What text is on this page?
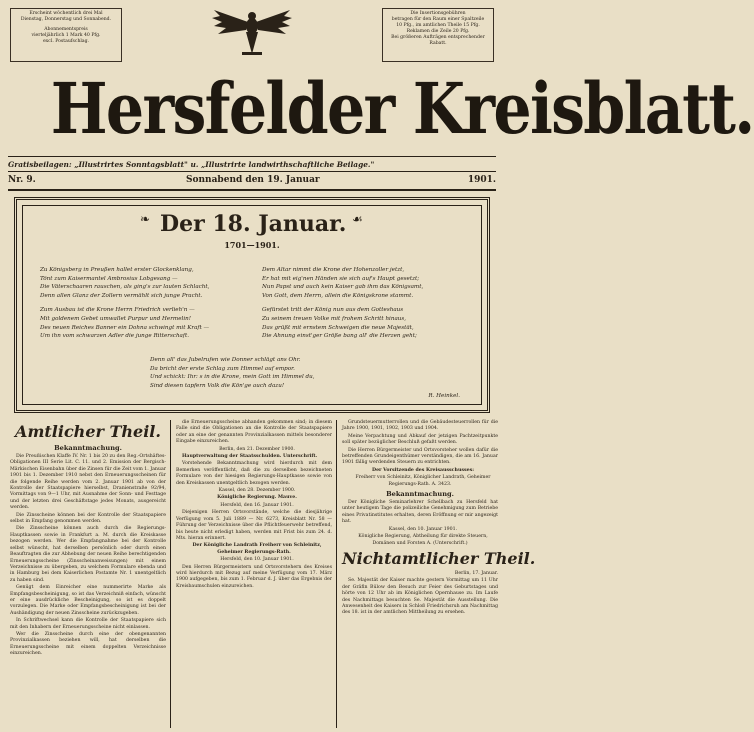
Erscheint wöchentlich drei Mal
Dienstag, Donnerstag und Sonnabend.
Abonnementspreis
vierteljährlich 1 Mark 40 Pfg.
excl. Postaufschlag.
Die Insertionsgebühren
betragen für den Raum einer Spaltzeile
10 Pfg., im amtlichen Theile 15 Pfg.
Reklamen die Zeile 20 Pfg.
Bei größeren Aufträgen entsprechender
Rabatt.
Hersfelder Kreisblatt.
Gratisbeilagen: „Illustrirtes Sonntagsblatt" u. „Illustrirte landwirthschaftliche Beilage."
Nr. 9.	Sonnabend den 19. Januar	1901.
❧	☙
Der 18. Januar.
1701—1901.
Zu Königsberg in Preußen hallet erster Glockenklang,
Tönt zum Kaisermantel Ambrosius Lobgesang —
Die Väterschaaren rauschen, als ging's zur lauten Schlacht,
Denn allen Glanz der Zollern vermählt sich junge Pracht.
Zum Ausbau ist die Krone Herrn Friedrich verlieh'n —
Mit goldenem Gebet umwallet Purpur und Hermelin!
Des neuen Reiches Banner ein Dohna schwingt mit Kraft —
Um ihn vom schwarzen Adler die junge Ritterschaft.
Dem Altar nimmt die Krone der Hohenzoller jetzt,
Er hat mit eig'nen Händen sie sich auf's Haupt gesetzt;
Nun Papst und auch kein Kaiser gab ihm das Königsamt,
Von Gott, dem Herrn, allein die Königskrone stammt.
Gefürstet tritt der König nun aus dem Gotteshaus
Zu seinem treuen Volke mit frohem Schritt hinaus,
Das grüßt mit ernstem Schweigen die neue Majestät,
Die Ahnung einst'ger Größe bang all' die Herzen geht;
Denn all' das Jubelrufen wie Donner schlägt ans Ohr.
Da bricht der erste Schlag zum Himmel auf empor.
Und schickt: Ihr: s in die Krone, mein Gott im Himmel du,
Sind diesen tapfern Volk die Kön'ge auch dazu!
R. Heinkel.
Amtlicher Theil.
Bekanntmachung.

Die Preußischen Klaffe IV. Nr. 1 bis 20 zu den Reg.-Ortshäftes-Obligationen III Serie Lit. C. 11. und 2. Emission der Bergisch-Märkischen Eisenbahn über die Zinsen für die Zeit vom 1. Januar 1901 bis 1. Dezember 1910 nebst den Erneuerungsscheinen für die folgende Reihe werden vom 2. Januar 1901 ab von der Kontrolle der Staatspapiere hierselbst, Dranienstraße 92/94, Vormittags von 9—1 Uhr, mit Ausnahme der Sonn- und Festtage und der letzten drei Geschäftstage jedes Monats, ausgereicht werden.

Die Zinsscheine können bei der Kontrolle der Staatspapiere selbst in Empfang genommen werden.

Die Zinsscheine können auch durch die Regierungs-Hauptkassen sowie in Frankfurt a. M. durch die Kreiskasse bezogen werden. Wer die Empfangnahme bei der Kontrolle selbst wünscht, hat derselben persönlich oder durch einen Beauftragten die zur Abhebung der neuen Reihe berechtigenden Erneuerungsscheine (Zinsscheinanweisungen) mit einem Verzeichnisse zu übergeben, zu welchem Formulare ebenda und in Hamburg bei dem Kaiserlichen Postamte Nr. 1 unentgeltlich zu haben sind.

Genügt dem Einreicher eine nummerirte Marke als Empfangsbescheinigung, so ist das Verzeichniß einfach, wünscht er eine ausdrückliche Bescheinigung, so ist es doppelt vorzulegen. Die Marke oder Empfangsbescheinigung ist bei der Aushändigung der neuen Zinsscheine zurückzugeben.

In Schriftwechsel kann die Kontrolle der Staatspapiere sich mit den Inhabern der Erneuerungsscheine nicht einlassen.

Wer die Zinsscheine durch eine der obengenannten Provinzialkassen beziehen will, hat derselben die Erneuerungsscheine mit einem doppelten Verzeichnisse einzureichen.

die Erneuerungsscheine abhanden gekommen sind; in diesem Falle sind die Obligationen an die Kontrolle der Staatspapiere oder an eine der genannten Provinzialkassen mittels besonderer Eingabe einzureichen.

Berlin, den 21. Dezember 1900.

Hauptverwaltung der Staatsschulden. Unterschrift.

Vorstehende Bekanntmachung wird hierdurch mit dem Bemerken veröffentlicht, daß die zu derselben bezeichneten Formulare von der hiesigen Regierungs-Hauptkasse sowie von den Kreiskassen unentgeltlich bezogen werden.

Kassel, den 28. Dezember 1900.

Königliche Regierung. Mauve.

Hersfeld, den 16. Januar 1901.

Diejenigen Herren Ortsvorstände, welche die diesjährige Verfügung vom 5. Juli 1889 — Nr. 6273, Kreisblatt Nr. 58 — Führung der Verzeichnisse über die Pflichtfeuerwehr betreffend, bis heute nicht erledigt haben, werden mit Frist bis zum 24. d. Mts. hieran erinnert.

Der Königliche Landrath Freiherr von Schleinitz, Geheimer Regierungs-Rath.

Hersfeld, den 10. Januar 1901.

Den Herren Bürgermeistern und Ortsvorstehern des Kreises wird hierdurch mit Bezug auf meine Verfügung vom 17. März 1900 aufgegeben, bis zum 1. Februar d. J. über das Ergebnis der Kreisbaumschulen einzureichen.

Grundsteuermutterrollen und die Gebäudesteuerrollen für die Jahre 1900, 1901, 1902, 1903 und 1904.

Meine Verpachtung und Abkauf der jetzigen Pachtzeitpunkte soll später bezüglicher Beschluß gefaßt werden.

Die Herren Bürgermeister und Ortsvorsteher wollen dafür die betreffenden Grundeigenthümer verständigen, die am 16. Januar 1901 fällig werdenden Steuern zu entrichten.

Der Vorsitzende des Kreisausschusses:

Freiherr von Schleinitz, Königlicher Landrath, Geheimer Regierungs-Rath. A. 3423.

Bekanntmachung.

Der Königliche Seminarlehrer Schellbach zu Hersfeld hat unter heutigem Tage die polizeiliche Genehmigung zum Betriebe eines Privatinstitutes erhalten, deren Eröffnung er mir angezeigt hat.

Kassel, den 10. Januar 1901.

Königliche Regierung, Abtheilung für direkte Steuern, Domänen und Forsten A. (Unterschrift.)

Nichtamtlicher Theil.

Berlin, 17. Januar.

Se. Majestät der Kaiser machte gestern Vormittag um 11 Uhr der Gräfin Bülow den Besuch zur Feier des Geburtstages und hörte von 12 Uhr ab im Königlichen Opernhause zu. Im Laufe des Nachmittags besuchten Se. Majestät die Ausstellung. Die Anwesenheit des Kaisers in Schloß Friedrichsruh am Nachmittag des 18. ist in der amtlichen Mittheilung zu ersehen.
